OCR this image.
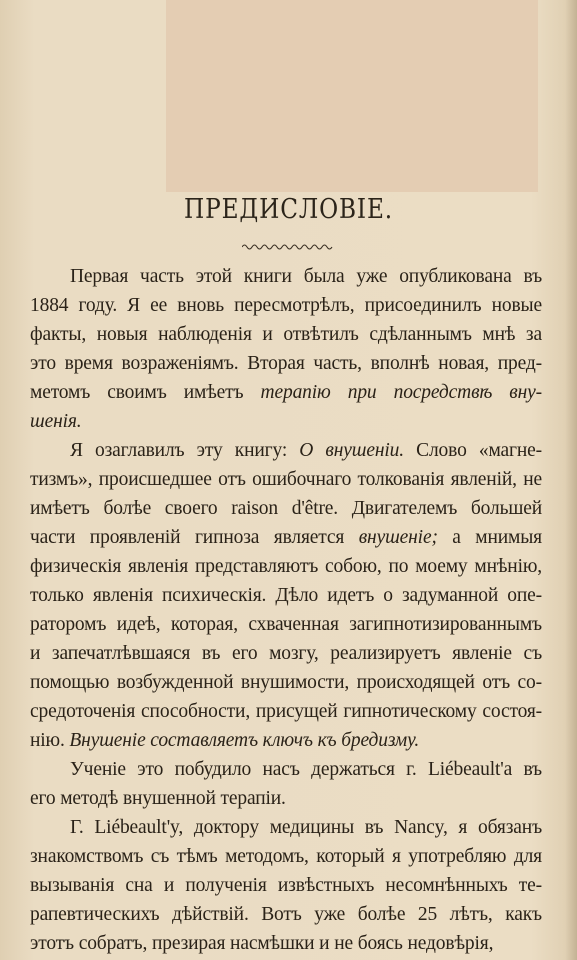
ПРЕДИСЛОВІЕ.
Первая часть этой книги была уже опубликована въ
1884 году. Я ее вновь пересмотрѣлъ, присоединилъ новые
факты, новыя наблюденія и отвѣтилъ сдѣланнымъ мнѣ за
это время возраженіямъ. Вторая часть, вполнѣ новая, пред-
метомъ своимъ имѣетъ терапію при посредствѣ вну-
шенія.
Я озаглавилъ эту книгу: О внушеніи. Слово «магне-
тизмъ», происшедшее отъ ошибочнаго толкованія явленій, не
имѣетъ болѣе своего raison d'être. Двигателемъ большей
части проявленій гипноза является внушеніе; а мнимыя
физическія явленія представляютъ собою, по моему мнѣнію,
только явленія психическія. Дѣло идетъ о задуманной опе-
раторомъ идеѣ, которая, схваченная загипнотизированнымъ
и запечатлѣвшаяся въ его мозгу, реализируетъ явленіе съ
помощью возбужденной внушимости, происходящей отъ со-
средоточенія способности, присущей гипнотическому состоя-
нію. Внушеніе составляетъ ключъ къ бредизму.
Ученіе это побудило насъ держаться г. Liébeault'a въ
его методѣ внушенной терапіи.
Г. Liébeault'y, доктору медицины въ Nancy, я обязанъ
знакомствомъ съ тѣмъ методомъ, который я употребляю для
вызыванія сна и полученія извѣстныхъ несомнѣнныхъ те-
рапевтическихъ дѣйствій. Вотъ уже болѣе 25 лѣтъ, какъ
этотъ собратъ, презирая насмѣшки и не боясь недовѣрія,
